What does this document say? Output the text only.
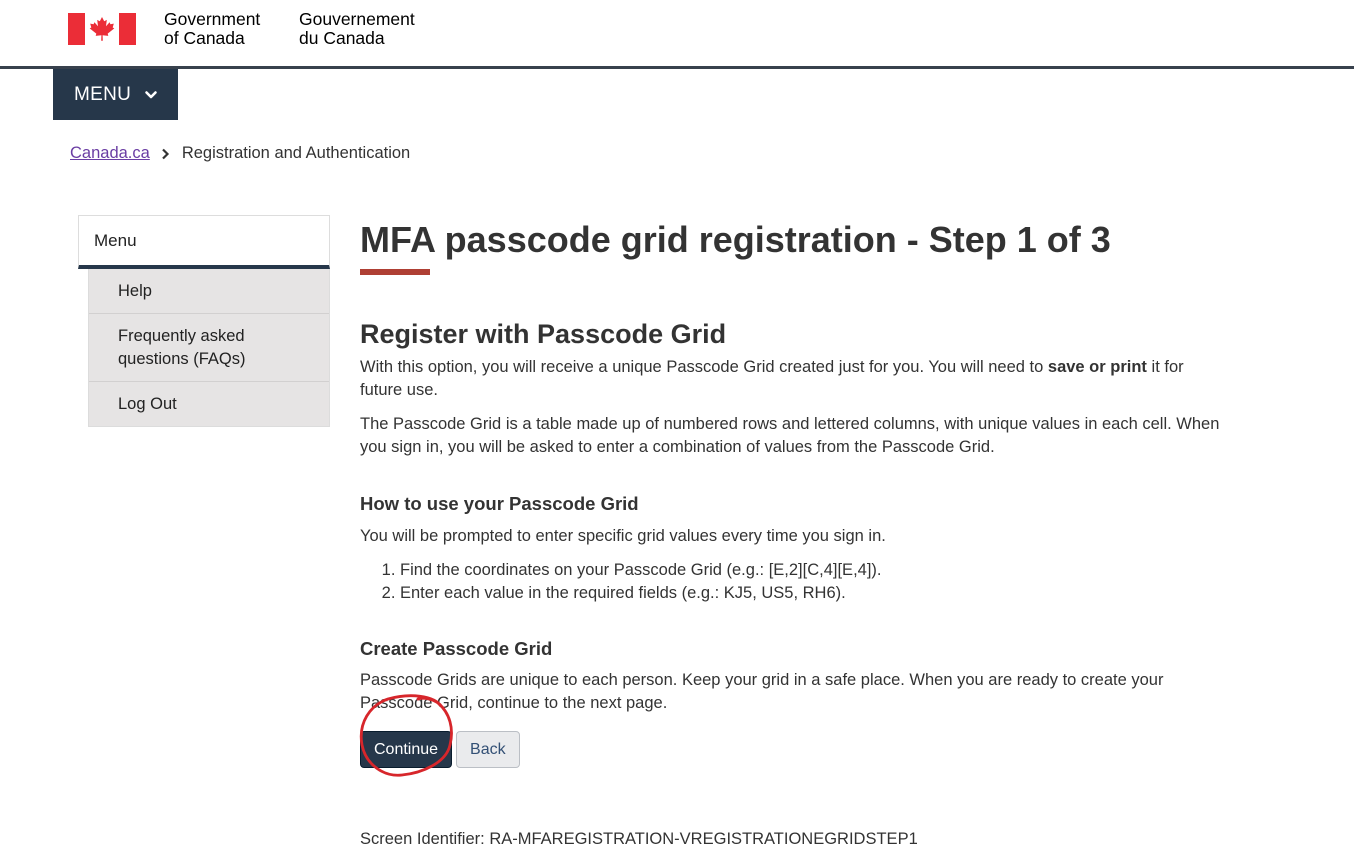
Government
of Canada
Gouvernement
du Canada
MENU
Canada.ca Registration and Authentication
Menu
Help
Frequently asked questions (FAQs)
Log Out
MFA passcode grid registration - Step 1 of 3
Register with Passcode Grid

With this option, you will receive a unique Passcode Grid created just for you. You will need to save or print it for future use.

The Passcode Grid is a table made up of numbered rows and lettered columns, with unique values in each cell. When you sign in, you will be asked to enter a combination of values from the Passcode Grid.

How to use your Passcode Grid

You will be prompted to enter specific grid values every time you sign in.

1. Find the coordinates on your Passcode Grid (e.g.: [E,2][C,4][E,4]).
2. Enter each value in the required fields (e.g.: KJ5, US5, RH6).
Create Passcode Grid

Passcode Grids are unique to each person. Keep your grid in a safe place. When you are ready to create your Passcode Grid, continue to the next page.

Continue	Back
Screen Identifier: RA-MFAREGISTRATION-VREGISTRATIONEGRIDSTEP1
